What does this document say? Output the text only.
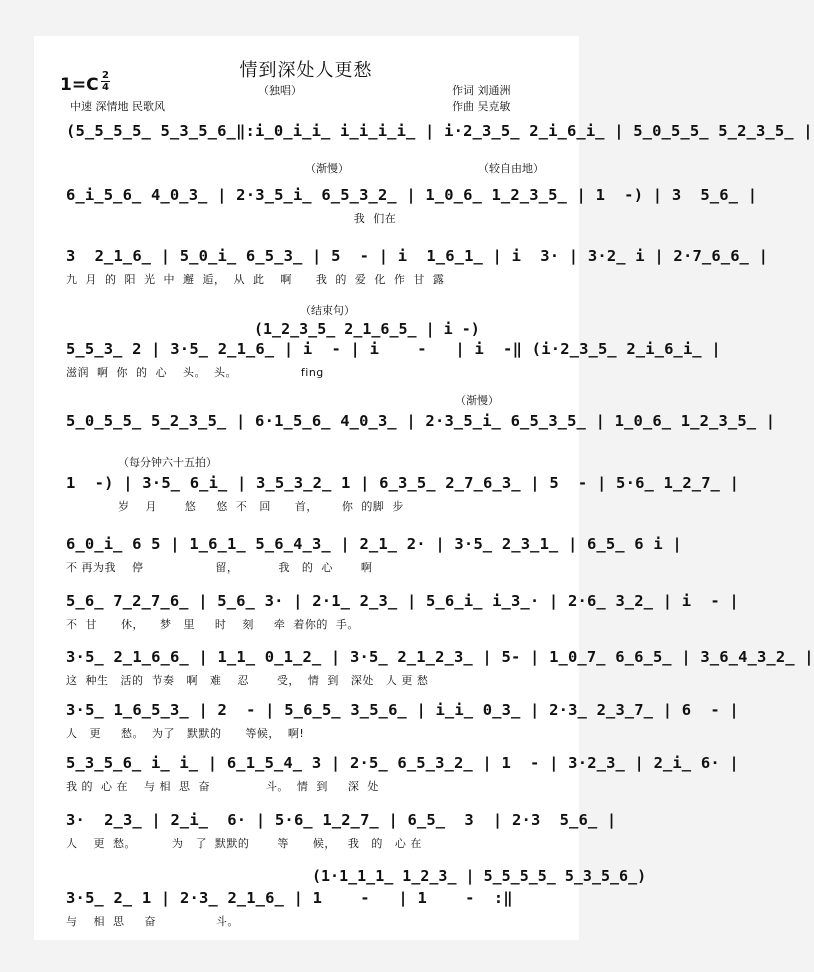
情到深处人更愁
1=C 2
4	（独唱）
中速 深情地 民歌风
作词 刘通洲
作曲 吴克敏
(5̲5̲5̲5̲ 5̲3̲5̲6̲‖:i̲0̲i̲i̲ i̲i̲i̲i̲ | i·2̲3̲5̲ 2̲i̲6̲i̲ | 5̲0̲5̲5̲ 5̲2̲3̲5̲ |
6̲i̲5̲6̲ 4̲0̲3̲ | 2·3̲5̲i̲ 6̲5̲3̲2̲ | 1̲0̲6̲ 1̲2̲3̲5̲ | 1  -) | 3  5̲6̲ |
我  们在
（渐慢）	（较自由地）
3  2̲1̲6̲ | 5̲0̲i̲ 6̲5̲3̲ | 5  - | i  1̲6̲1̲ | i  3· | 3·2̲ i | 2·7̲6̲6̲ |
九  月  的  阳  光  中  邂  逅，  从  此    啊      我  的  爱  化  作  甘  露
5̲5̲3̲ 2 | 3·5̲ 2̲1̲6̲ | i  - | i    -   | i  -‖ (i·2̲3̲5̲ 2̲i̲6̲i̲ |
滋润  啊  你  的  心    头。  头。                fing
（结束句）
(1̲2̲3̲5̲ 2̲1̲6̲5̲ | i -)
5̲0̲5̲5̲ 5̲2̲3̲5̲ | 6·1̲5̲6̲ 4̲0̲3̲ | 2·3̲5̲i̲ 6̲5̲3̲5̲ | 1̲0̲6̲ 1̲2̲3̲5̲ |
（渐慢）
1  -) | 3·5̲ 6̲i̲ | 3̲5̲3̲2̲ 1 | 6̲3̲5̲ 2̲7̲6̲3̲ | 5  - | 5·6̲ 1̲2̲7̲ |
岁    月       悠     悠  不   回      首，      你  的脚  步
（每分钟六十五拍）
6̲0̲i̲ 6 5 | 1̲6̲1̲ 5̲6̲4̲3̲ | 2̲1̲ 2· | 3·5̲ 2̲3̲1̲ | 6̲5̲ 6 i |
不 再为我    停                  留，          我   的  心       啊
5̲6̲ 7̲2̲7̲6̲ | 5̲6̲ 3· | 2·1̲ 2̲3̲ | 5̲6̲i̲ i̲3̲· | 2·6̲ 3̲2̲ | i  - |
不  甘      休，    梦   里     时    刻     牵  着你的  手。
3·5̲ 2̲1̲6̲6̲ | 1̲1̲ 0̲1̲2̲ | 3·5̲ 2̲1̲2̲3̲ | 5- | 1̲0̲7̲ 6̲6̲5̲ | 3̲6̲4̲3̲2̲ |
这  种生   活的  节奏   啊   难    忍       受，  情  到   深处   人 更 愁
3·5̲ 1̲6̲5̲3̲ | 2  - | 5̲6̲5̲ 3̲5̲6̲ | i̲i̲ 0̲3̲ | 2·3̲ 2̲3̲7̲ | 6  - |
人   更     愁。  为了   默默的      等候，  啊!
5̲3̲5̲6̲ i̲ i̲ | 6̲1̲5̲4̲ 3 | 2·5̲ 6̲5̲3̲2̲ | 1  - | 3·2̲3̲ | 2̲i̲ 6· |
我 的  心 在    与 相  思  奋              斗。  情  到     深  处
3·  2̲3̲ | 2̲i̲  6· | 5·6̲ 1̲2̲7̲ | 6̲5̲  3  | 2·3  5̲6̲ |
人    更  愁。         为   了  默默的       等      候，   我   的   心 在
3·5̲ 2̲ 1 | 2·3̲ 2̲1̲6̲ | 1    -   | 1    -  :‖
与    相  思     奋               斗。
(1·1̲1̲1̲ 1̲2̲3̲ | 5̲5̲5̲5̲ 5̲3̲5̲6̲)
